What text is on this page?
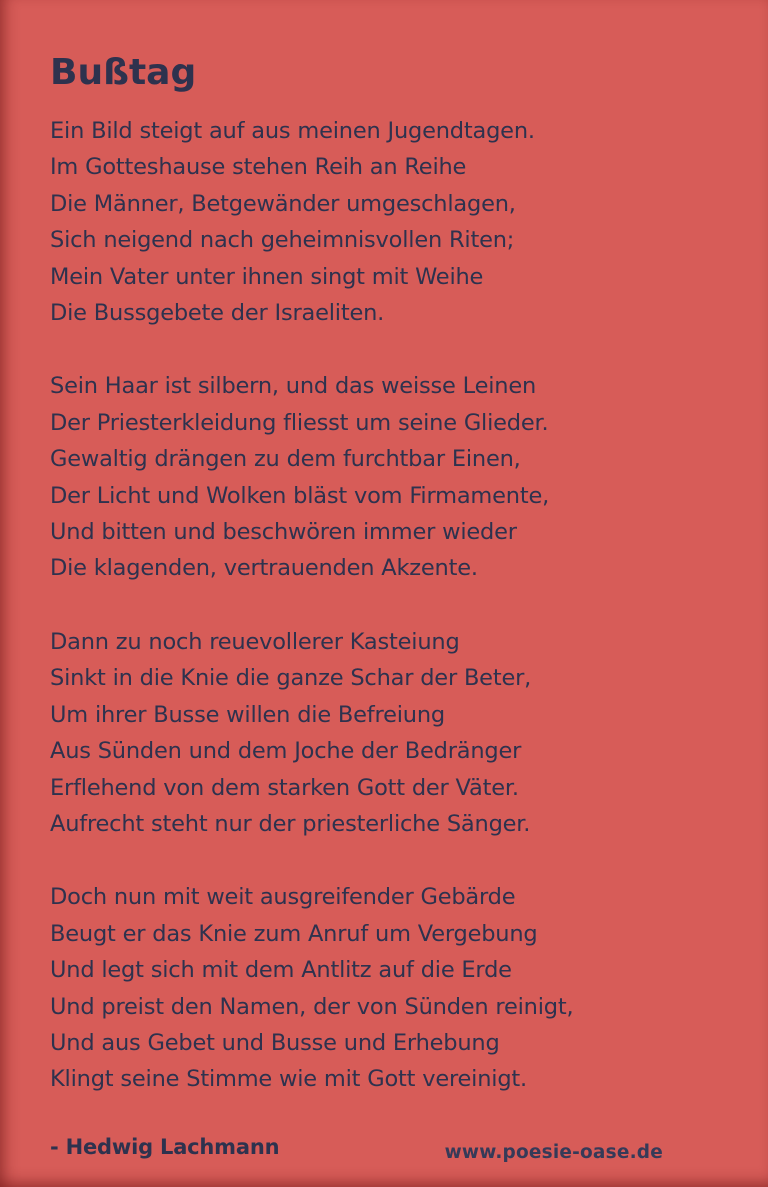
Bußtag
Ein Bild steigt auf aus meinen Jugendtagen.
Im Gotteshause stehen Reih an Reihe
Die Männer, Betgewänder umgeschlagen,
Sich neigend nach geheimnisvollen Riten;
Mein Vater unter ihnen singt mit Weihe
Die Bussgebete der Israeliten.
Sein Haar ist silbern, und das weisse Leinen
Der Priesterkleidung fliesst um seine Glieder.
Gewaltig drängen zu dem furchtbar Einen,
Der Licht und Wolken bläst vom Firmamente,
Und bitten und beschwören immer wieder
Die klagenden, vertrauenden Akzente.
Dann zu noch reuevollerer Kasteiung
Sinkt in die Knie die ganze Schar der Beter,
Um ihrer Busse willen die Befreiung
Aus Sünden und dem Joche der Bedränger
Erflehend von dem starken Gott der Väter.
Aufrecht steht nur der priesterliche Sänger.
Doch nun mit weit ausgreifender Gebärde
Beugt er das Knie zum Anruf um Vergebung
Und legt sich mit dem Antlitz auf die Erde
Und preist den Namen, der von Sünden reinigt,
Und aus Gebet und Busse und Erhebung
Klingt seine Stimme wie mit Gott vereinigt.
- Hedwig Lachmann	www.poesie-oase.de
